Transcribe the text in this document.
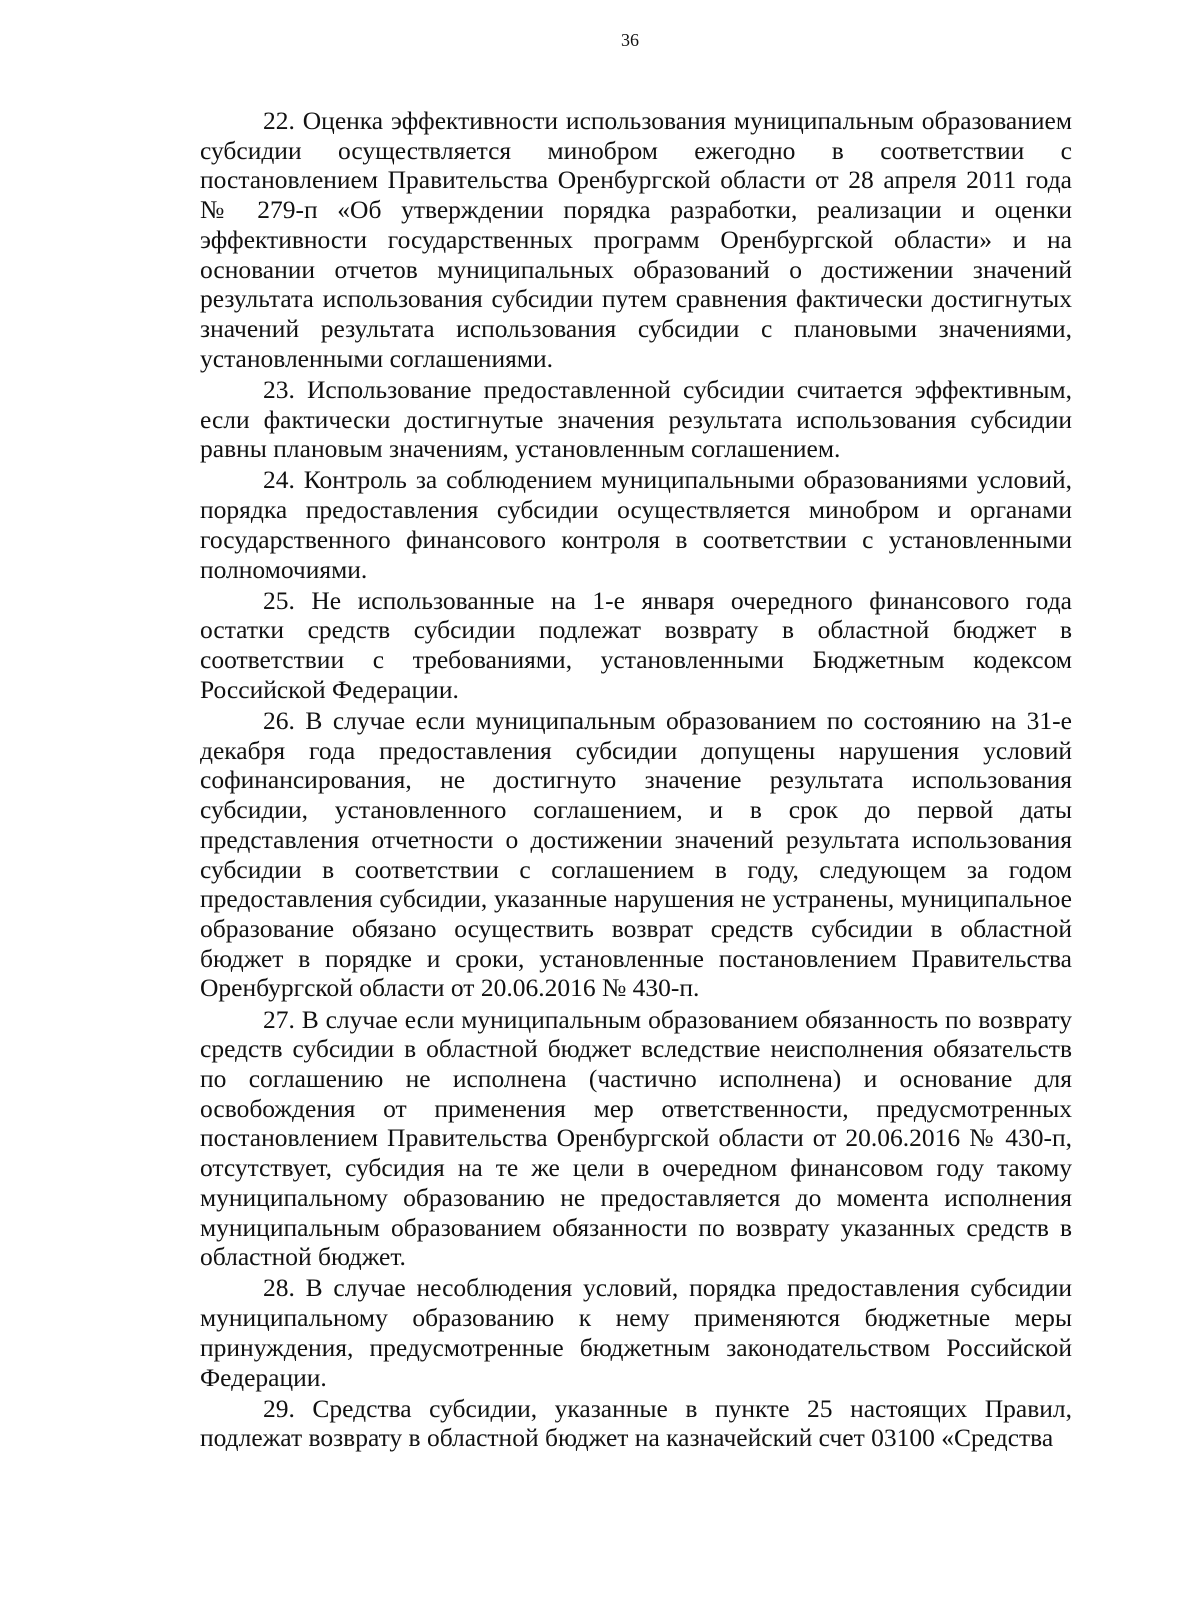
36

22. Оценка эффективности использования муниципальным образованием субсидии осуществляется минобром ежегодно в соответствии с постановлением Правительства Оренбургской области от 28 апреля 2011 года № 279-п «Об утверждении порядка разработки, реализации и оценки эффективности государственных программ Оренбургской области» и на основании отчетов муниципальных образований о достижении значений результата использования субсидии путем сравнения фактически достигнутых значений результата использования субсидии с плановыми значениями, установленными соглашениями.

23. Использование предоставленной субсидии считается эффективным, если фактически достигнутые значения результата использования субсидии равны плановым значениям, установленным соглашением.

24. Контроль за соблюдением муниципальными образованиями условий, порядка предоставления субсидии осуществляется минобром и органами государственного финансового контроля в соответствии с установленными полномочиями.

25. Не использованные на 1-е января очередного финансового года остатки средств субсидии подлежат возврату в областной бюджет в соответствии с требованиями, установленными Бюджетным кодексом Российской Федерации.

26. В случае если муниципальным образованием по состоянию на 31-е декабря года предоставления субсидии допущены нарушения условий софинансирования, не достигнуто значение результата использования субсидии, установленного соглашением, и в срок до первой даты представления отчетности о достижении значений результата использования субсидии в соответствии с соглашением в году, следующем за годом предоставления субсидии, указанные нарушения не устранены, муниципальное образование обязано осуществить возврат средств субсидии в областной бюджет в порядке и сроки, установленные постановлением Правительства Оренбургской области от 20.06.2016 № 430-п.

27. В случае если муниципальным образованием обязанность по возврату средств субсидии в областной бюджет вследствие неисполнения обязательств по соглашению не исполнена (частично исполнена) и основание для освобождения от применения мер ответственности, предусмотренных постановлением Правительства Оренбургской области от 20.06.2016 № 430-п, отсутствует, субсидия на те же цели в очередном финансовом году такому муниципальному образованию не предоставляется до момента исполнения муниципальным образованием обязанности по возврату указанных средств в областной бюджет.

28. В случае несоблюдения условий, порядка предоставления субсидии муниципальному образованию к нему применяются бюджетные меры принуждения, предусмотренные бюджетным законодательством Российской Федерации.

29. Средства субсидии, указанные в пункте 25 настоящих Правил, подлежат возврату в областной бюджет на казначейский счет 03100 «Средства
